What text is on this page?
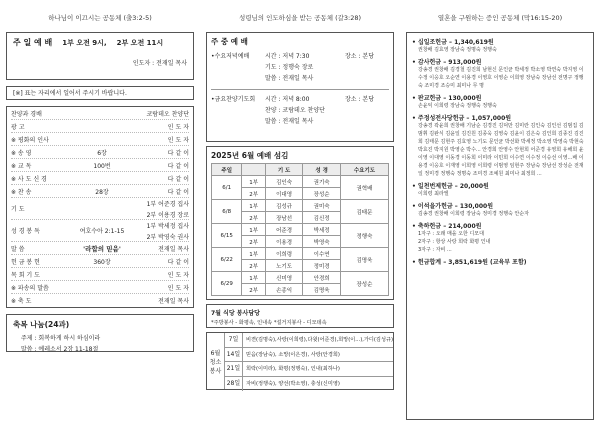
하나님이 이끄시는 공동체 (출3:2-5)
주 일 예 배 1부 오전 9시, 2부 오전 11시
인도자 : 전재일 목사
[※] 표는 자리에서 일어서 주시기 바랍니다.
찬양과 경배	코람데오 찬양단
광 고	인 도 자
※ 평화의 인사	인 도 자
※ 송 영	6장	다 같 이
※ 교 독	100번	다 같 이
※ 사 도 신 경	다 같 이
※ 찬 송	28장	다 같 이
기 도
1부 어준경 집사
2부 이용경 장로
성 경 봉 독	여호수아 2:1-15
1부 박세정 집사
2부 박영숙 권사
말 씀	'라합의 믿음'	전재일 목사
헌 금 봉 헌	360장	다 같 이
목 회 기 도	인 도 자
※ 파송의 말씀	인 도 자
※ 축 도	전재일 목사
축복 나눔(24과)
주제 : 회복하게 하시 하심이라
말씀 : 예레소서 2장 11-18절
성령님의 인도하심을 받는 공동체 (갈3:28)
주 중 예 배
•수요저녁예배	시간 : 저녁 7:30	장소 : 본당
기도 : 정행숙 장로
말씀 : 전재일 목사
•금요찬양기도회	시간 : 저녁 8:00	장소 : 본당
찬양 : 코람데오 찬양단
말씀 : 전재일 목사
2025년 6월 예배 섬김
주일		기 도	성 경	수요기도
6/1	1부	김인숙	권기숙	권혁배
	2부	이대영	장성순	
6/8	1부	김성규	권미숙	김태문
	2부	장남선	김신정	
6/15	1부	어준경	박세정	정행숙
	2부	이용경	박영숙	
6/22	1부	이희령	이수연	김명욱
	2부	노기도	정미경	
6/29	1부	신미영	안경희	장성순
	2부	손종익	김명욱	
7월 식당 봉사담당
*주방봉사 - 화평속, 인내속 *설거지봉사 - 디모데속
6월 청소 봉사
7일	비젼(김명숙),사랑(이희령),다윗(어준경),희망(이...),가디(김성규)
14일	믿음(장남숙), 소망(이은경), 사랑(안경희)
21일	희락(이미라), 화평(정행숙), 인내(최하나)
28일	자비(정행숙), 양선(박소영), 충성(신미영)
열혼을 구원하는 증인 공동체 (막16:15-20)
• 십일조헌금 – 1,340,619원
권창배 김효영 장남숙 정명숙 정행숙
• 감사헌금 – 913,000원
강송경 권창배 김경철 김진희 남현신 문인균 박세정 박소영 박연숙 박지영 이수정 이응호 오순연 이용경 이영호 이영순 이희영 장남숙 장남선 전명구 정행숙 조미경 조승미 최미나 무 명
• 판교헌금 – 130,000원
손윤익 이희령 장남숙 정행숙 정행숙
• 주정성전사당헌금 – 1,057,000원
강송경 곽윤희 권창배 기남순 김경진 김덕만 김미란 김인숙 김인선 김범집 김범휘 김완식 김윤일 김진원 김종욱 김영숙 김윤이 김은숙 김인희 김종진 김진희 김태문 김현주 김효영 노기도 문인균 박선화 박세정 박소영 박영숙 박현숙 박효진 박지원 박영순 박수... 안경희 안영수 안현희 어준경 유영희 유해희 윤이영 이대영 이동경 이동희 이미라 이민희 이수연 이수정 이승선 이영...배 이용경 이응호 이재영 이희영 이희령 이범영 임현주 장남숙 장남선 장성순 전재일 정미경 정행숙 정명숙 조미경 조예원 최미나 최정희 ...
• 일천번제헌금 – 20,000원
이희령 최라엘
• 이석을가헌금 – 130,000원
김송경 권창배 이희령 장남숙 정미경 정행숙 안순자
• 축하헌금 – 214,000원
1자구 : 오래 매을 오한 디모대
2자구 : 항상 사랑 희락 화평 인내
3자구 : 자비 ...
• 헌금합계 – 3,851,619원 (교육부 포함)
